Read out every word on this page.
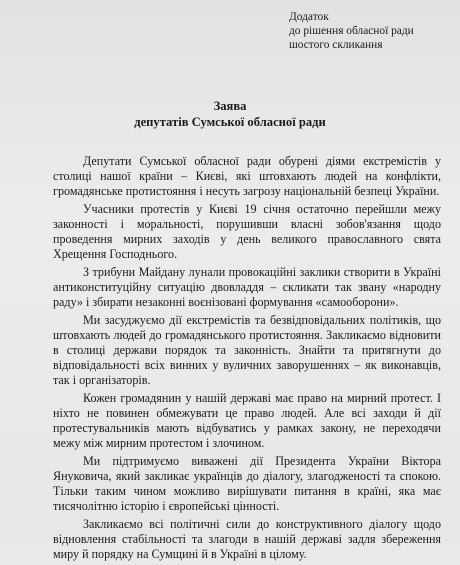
Додаток
до рішення обласної ради
шостого скликання
Заява
депутатів Сумської обласної ради

Депутати Сумської обласної ради обурені діями екстремістів у столиці нашої країни – Києві, які штовхають людей на конфлікти, громадянське протистояння і несуть загрозу національній безпеці України.

Учасники протестів у Києві 19 січня остаточно перейшли межу законності і моральності, порушивши власні зобов'язання щодо проведення мирних заходів у день великого православного свята Хрещення Господнього.

З трибуни Майдану лунали провокаційні заклики створити в Україні антиконституційну ситуацію двовладдя – скликати так звану «народну раду» і збирати незаконні воєнізовані формування «самооборони».

Ми засуджуємо дії екстремістів та безвідповідальних політиків, що штовхають людей до громадянського протистояння. Закликаємо відновити в столиці держави порядок та законність. Знайти та притягнути до відповідальності всіх винних у вуличних заворушеннях – як виконавців, так і організаторів.

Кожен громадянин у нашій державі має право на мирний протест. І ніхто не повинен обмежувати це право людей. Але всі заходи й дії протестувальників мають відбуватись у рамках закону, не переходячи межу між мирним протестом і злочином.

Ми підтримуємо виважені дії Президента України Віктора Януковича, який закликає українців до діалогу, злагодженості та спокою. Тільки таким чином можливо вирішувати питання в країні, яка має тисячолітню історію і європейські цінності.

Закликаємо всі політичні сили до конструктивного діалогу щодо відновлення стабільності та злагоди в нашій державі задля збереження миру й порядку на Сумщині й в Україні в цілому.
